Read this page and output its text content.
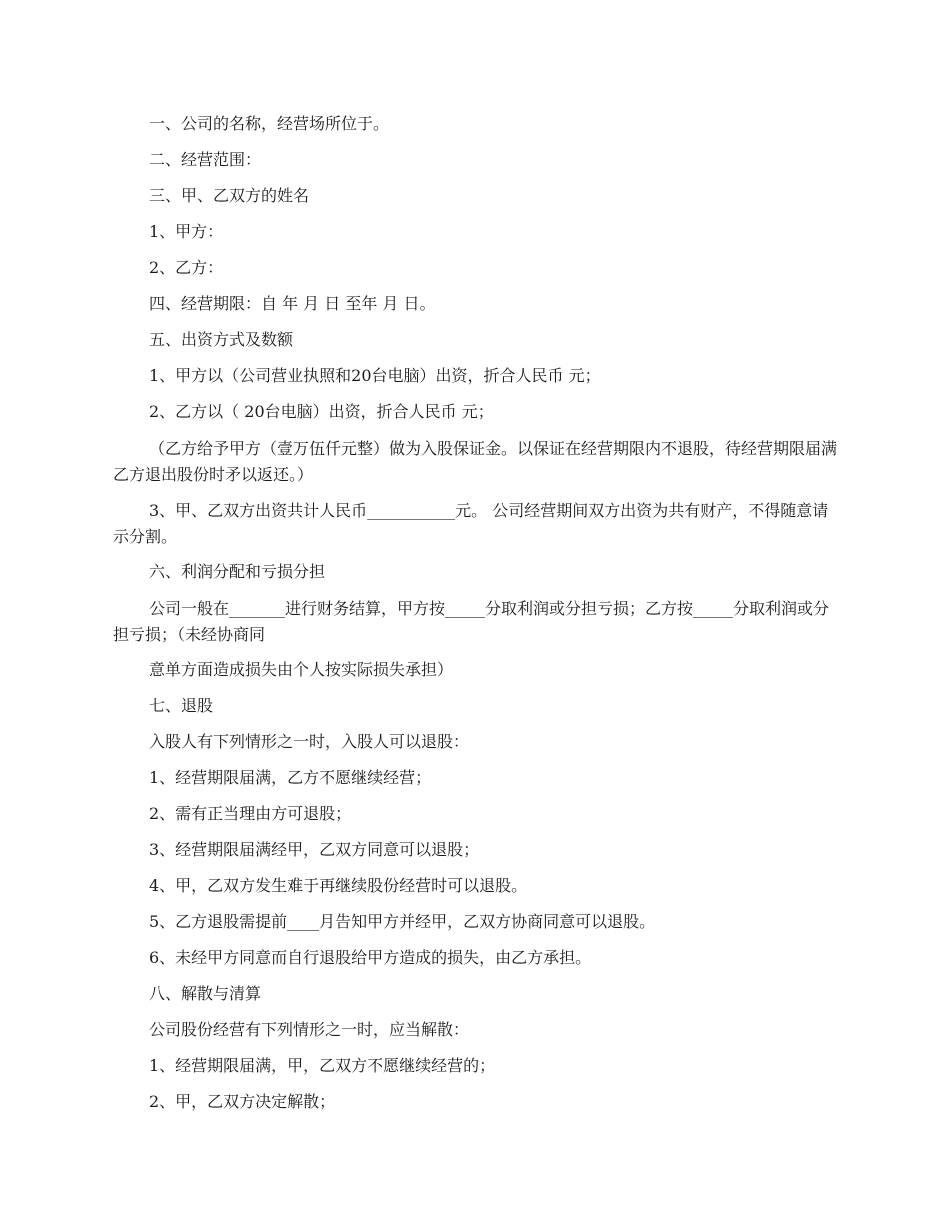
一、公司的名称，经营场所位于。

二、经营范围：

三、甲、乙双方的姓名

1、甲方：

2、乙方：

四、经营期限：自 年 月 日 至年 月 日。

五、出资方式及数额

1、甲方以（公司营业执照和20台电脑）出资，折合人民币 元；

2、乙方以（ 20台电脑）出资，折合人民币 元；

（乙方给予甲方（壹万伍仟元整）做为入股保证金。以保证在经营期限内不退股，待经营期限届满乙方退出股份时矛以返还。）

3、甲、乙双方出资共计人民币___________元。 公司经营期间双方出资为共有财产，不得随意请示分割。

六、利润分配和亏损分担

公司一般在_______进行财务结算，甲方按_____分取利润或分担亏损；乙方按_____分取利润或分担亏损；（未经协商同

意单方面造成损失由个人按实际损失承担）

七、退股

入股人有下列情形之一时，入股人可以退股：

1、经营期限届满，乙方不愿继续经营；

2、需有正当理由方可退股；

3、经营期限届满经甲，乙双方同意可以退股；

4、甲，乙双方发生难于再继续股份经营时可以退股。

5、乙方退股需提前____月告知甲方并经甲，乙双方协商同意可以退股。

6、未经甲方同意而自行退股给甲方造成的损失，由乙方承担。

八、解散与清算

公司股份经营有下列情形之一时，应当解散：

1、经营期限届满，甲，乙双方不愿继续经营的；

2、甲，乙双方决定解散；
